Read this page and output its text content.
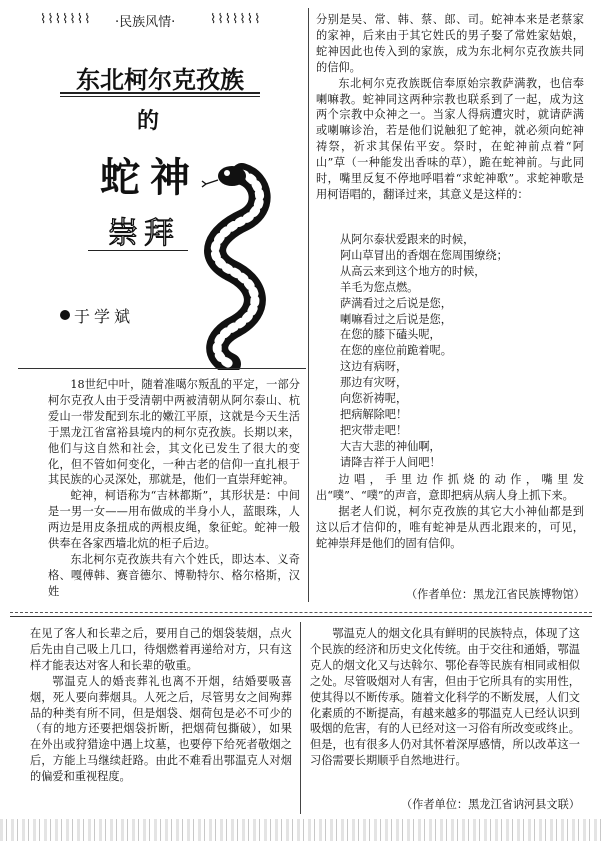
⌇⌇⌇⌇⌇⌇⌇ ·民族风情·	⌇⌇⌇⌇⌇⌇⌇
东北柯尔克孜族
的
蛇神
崇拜
于学斌

18世纪中叶，随着准噶尔叛乱的平定，一部分柯尔克孜人由于受清朝中两被清朝从阿尔泰山、杭爱山一带发配到东北的嫩江平原，这就是今天生活于黑龙江省富裕县境内的柯尔克孜族。长期以来，他们与这自然和社会，其文化已发生了很大的变化，但不管如何变化，一种古老的信仰一直扎根于其民族的心灵深处，那就是，他们一直崇拜蛇神。

蛇神，柯语称为“吉林都斯”，其形状是：中间是一男一女——用布做成的半身小人，蓝眼珠，人两边是用皮条扭成的两根皮绳，象征蛇。蛇神一般供奉在各家西墙北炕的柜子后边。

东北柯尔克孜族共有六个姓氏，即达本、义奇格、嘎傅韩、赛音德尔、博勒特尔、格尔格斯，汉姓

分别是吴、常、韩、蔡、郎、司。蛇神本来是老蔡家的家神，后来由于其它姓氏的男子娶了常姓家姑娘，蛇神因此也传入到的家族，成为东北柯尔克孜族共同的信仰。

东北柯尔克孜族既信奉原始宗教萨满教，也信奉喇嘛教。蛇神同这两种宗教也联系到了一起，成为这两个宗教中众神之一。当家人得病遭灾时，就请萨满或喇嘛诊治，若是他们说触犯了蛇神，就必须向蛇神祷祭，祈求其保佑平安。祭时，在蛇神前点着“阿山”草（一种能发出香味的草），跪在蛇神前。与此同时，嘴里反复不停地呼唱着“求蛇神歌”。求蛇神歌是用柯语唱的，翻译过来，其意义是这样的：

从阿尔泰状爱跟来的时候，
阿山草冒出的香烟在您周围缭绕；
从高云来到这个地方的时候，
羊毛为您点燃。
萨满看过之后说是您，
喇嘛看过之后说是您，
在您的膝下磕头呢，
在您的座位前跪着呢。
这边有病呀，
那边有灾呀，
向您祈祷呢，
把病解除吧！
把灾带走吧！
大吉大悲的神仙啊，
请降吉祥于人间吧！

边唱，手里边作抓烧的动作，嘴里发出“噗”、“噗”的声音，意即把病从病人身上抓下来。

据老人们说，柯尔克孜族的其它大小神仙都是到这以后才信仰的，唯有蛇神是从西北跟来的，可见，蛇神崇拜是他们的固有信仰。

（作者单位：黑龙江省民族博物馆）

在见了客人和长辈之后，要用自己的烟袋装烟，点火后先由自己吸上几口，待烟燃着再递给对方，只有这样才能表达对客人和长辈的敬重。

鄂温克人的婚丧葬礼也离不开烟，结婚要吸喜烟，死人要向葬烟具。人死之后，尽管男女之间殉葬品的种类有所不同，但是烟袋、烟荷包是必不可少的（有的地方还要把烟袋折断，把烟荷包撕破），如果在外出或狩猎途中遇上坟墓，也要停下给死者敬烟之后，方能上马继续赶路。由此不难看出鄂温克人对烟的偏爱和重视程度。

鄂温克人的烟文化具有鲜明的民族特点，体现了这个民族的经济和历史文化传统。由于交往和通婚，鄂温克人的烟文化又与达斡尔、鄂伦春等民族有相同或相似之处。尽管吸烟对人有害，但由于它所具有的实用性，使其得以不断传承。随着文化科学的不断发展，人们文化素质的不断提高，有越来越多的鄂温克人已经认识到吸烟的危害，有的人已经对这一习俗有所改变或终止。但是，也有很多人仍对其怀着深厚感情，所以改革这一习俗需要长期顺乎自然地进行。

（作者单位：黑龙江省讷河县文联）
